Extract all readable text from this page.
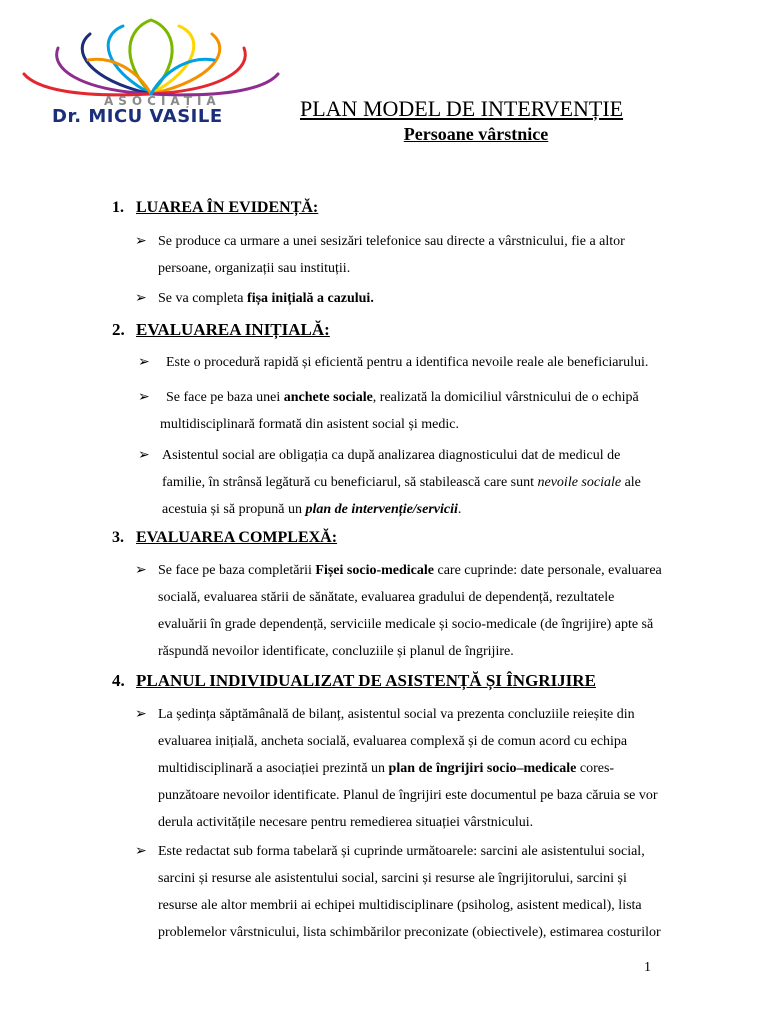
ASOCIAȚIA
Dr. MICU VASILE	PLAN MODEL DE INTERVENȚIE
Persoane vârstnice
1. LUAREA ÎN EVIDENȚĂ:
➢ Se produce ca urmare a unei sesizări telefonice sau directe a vârstnicului, fie a altor
persoane, organizații sau instituții.
➢ Se va completa fișa inițială a cazului.
2. EVALUAREA INIȚIALĂ:
➢ Este o procedură rapidă și eficientă pentru a identifica nevoile reale ale beneficiarului.
➢ Se face pe baza unei anchete sociale, realizată la domiciliul vârstnicului de o echipă
multidisciplinară formată din asistent social și medic.
➢ Asistentul social are obligația ca după analizarea diagnosticului dat de medicul de
familie, în strânsă legătură cu beneficiarul, să stabilească care sunt nevoile sociale ale
acestuia și să propună un plan de intervenție/servicii.
3. EVALUAREA COMPLEXĂ:
➢ Se face pe baza completării Fișei socio-medicale care cuprinde: date personale, evaluarea
socială, evaluarea stării de sănătate, evaluarea gradului de dependență, rezultatele
evaluării în grade dependență, serviciile medicale și socio-medicale (de îngrijire) apte să
răspundă nevoilor identificate, concluziile și planul de îngrijire.
4. PLANUL INDIVIDUALIZAT DE ASISTENȚĂ ȘI ÎNGRIJIRE
➢ La ședința săptămânală de bilanț, asistentul social va prezenta concluziile reieșite din
evaluarea inițială, ancheta socială, evaluarea complexă și de comun acord cu echipa
multidisciplinară a asociației prezintă un plan de îngrijiri socio–medicale cores-
punzătoare nevoilor identificate. Planul de îngrijiri este documentul pe baza căruia se vor
derula activitățile necesare pentru remedierea situației vârstnicului.
➢ Este redactat sub forma tabelară și cuprinde următoarele: sarcini ale asistentului social,
sarcini și resurse ale asistentului social, sarcini și resurse ale îngrijitorului, sarcini și
resurse ale altor membrii ai echipei multidisciplinare (psiholog, asistent medical), lista
problemelor vârstnicului, lista schimbărilor preconizate (obiectivele), estimarea costurilor
1
